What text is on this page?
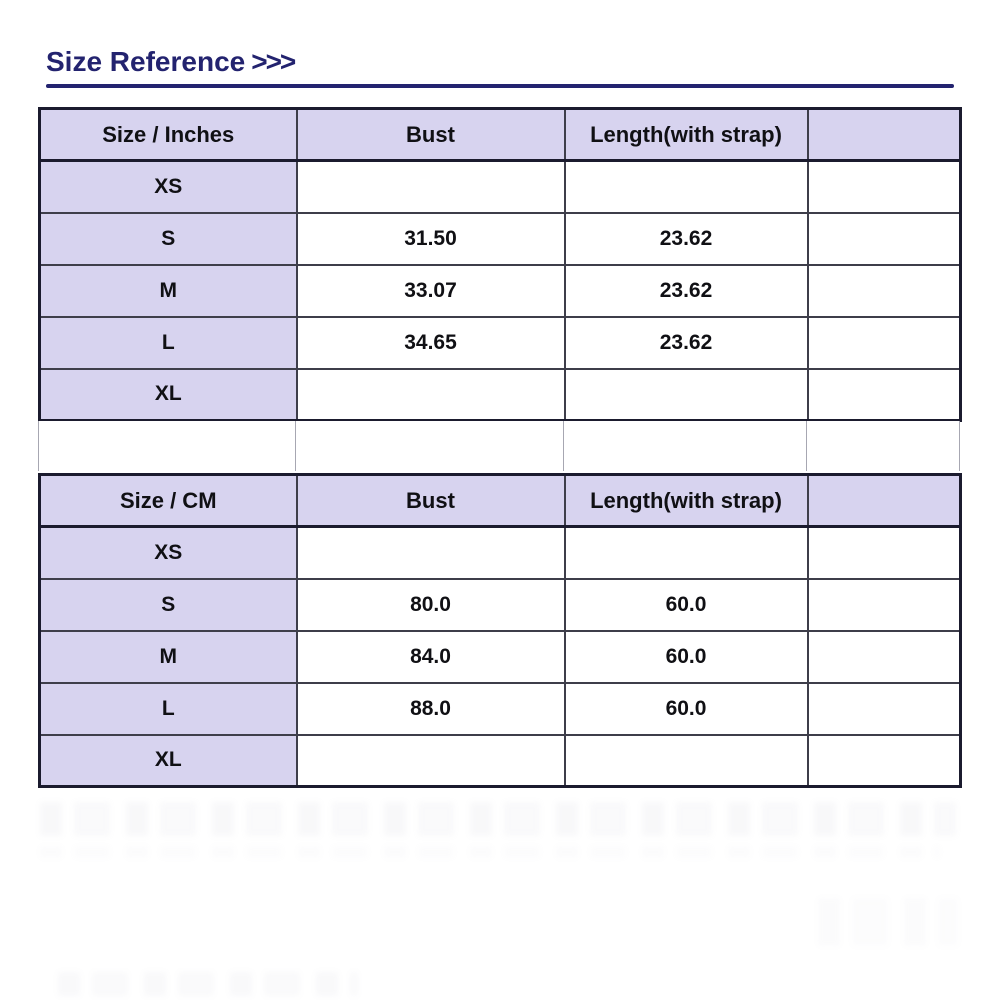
Size Reference >>>
Size / Inches	Bust	Length(with strap)	
XS			
S	31.50	23.62	
M	33.07	23.62	
L	34.65	23.62	
XL			

Size / CM	Bust	Length(with strap)	
XS			
S	80.0	60.0	
M	84.0	60.0	
L	88.0	60.0	
XL			
